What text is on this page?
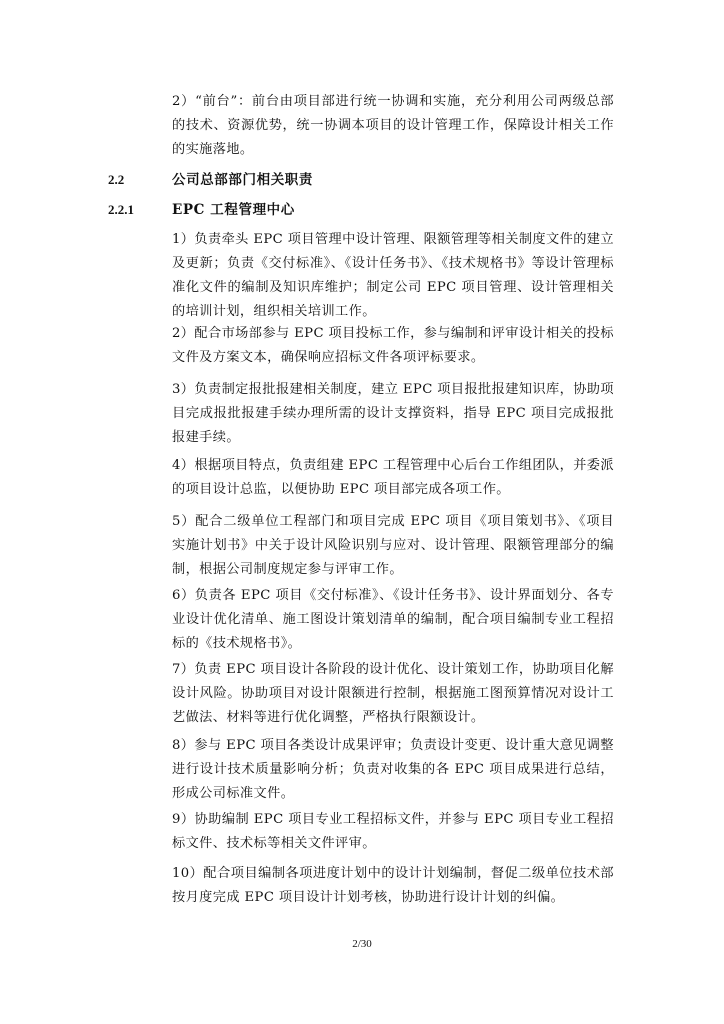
2）“前台”：前台由项目部进行统一协调和实施，充分利用公司两级总部的技术、资源优势，统一协调本项目的设计管理工作，保障设计相关工作的实施落地。

2.2	公司总部部门相关职责
2.2.1	EPC 工程管理中心

1）负责牵头 EPC 项目管理中设计管理、限额管理等相关制度文件的建立及更新；负责《交付标准》、《设计任务书》、《技术规格书》等设计管理标准化文件的编制及知识库维护；制定公司 EPC 项目管理、设计管理相关的培训计划，组织相关培训工作。

2）配合市场部参与 EPC 项目投标工作，参与编制和评审设计相关的投标文件及方案文本，确保响应招标文件各项评标要求。

3）负责制定报批报建相关制度，建立 EPC 项目报批报建知识库，协助项目完成报批报建手续办理所需的设计支撑资料，指导 EPC 项目完成报批报建手续。

4）根据项目特点，负责组建 EPC 工程管理中心后台工作组团队，并委派的项目设计总监，以便协助 EPC 项目部完成各项工作。

5）配合二级单位工程部门和项目完成 EPC 项目《项目策划书》、《项目实施计划书》中关于设计风险识别与应对、设计管理、限额管理部分的编制，根据公司制度规定参与评审工作。

6）负责各 EPC 项目《交付标准》、《设计任务书》、设计界面划分、各专业设计优化清单、施工图设计策划清单的编制，配合项目编制专业工程招标的《技术规格书》。

7）负责 EPC 项目设计各阶段的设计优化、设计策划工作，协助项目化解设计风险。协助项目对设计限额进行控制，根据施工图预算情况对设计工艺做法、材料等进行优化调整，严格执行限额设计。

8）参与 EPC 项目各类设计成果评审；负责设计变更、设计重大意见调整进行设计技术质量影响分析；负责对收集的各 EPC 项目成果进行总结，形成公司标准文件。

9）协助编制 EPC 项目专业工程招标文件，并参与 EPC 项目专业工程招标文件、技术标等相关文件评审。

10）配合项目编制各项进度计划中的设计计划编制，督促二级单位技术部按月度完成 EPC 项目设计计划考核，协助进行设计计划的纠偏。

2/30
